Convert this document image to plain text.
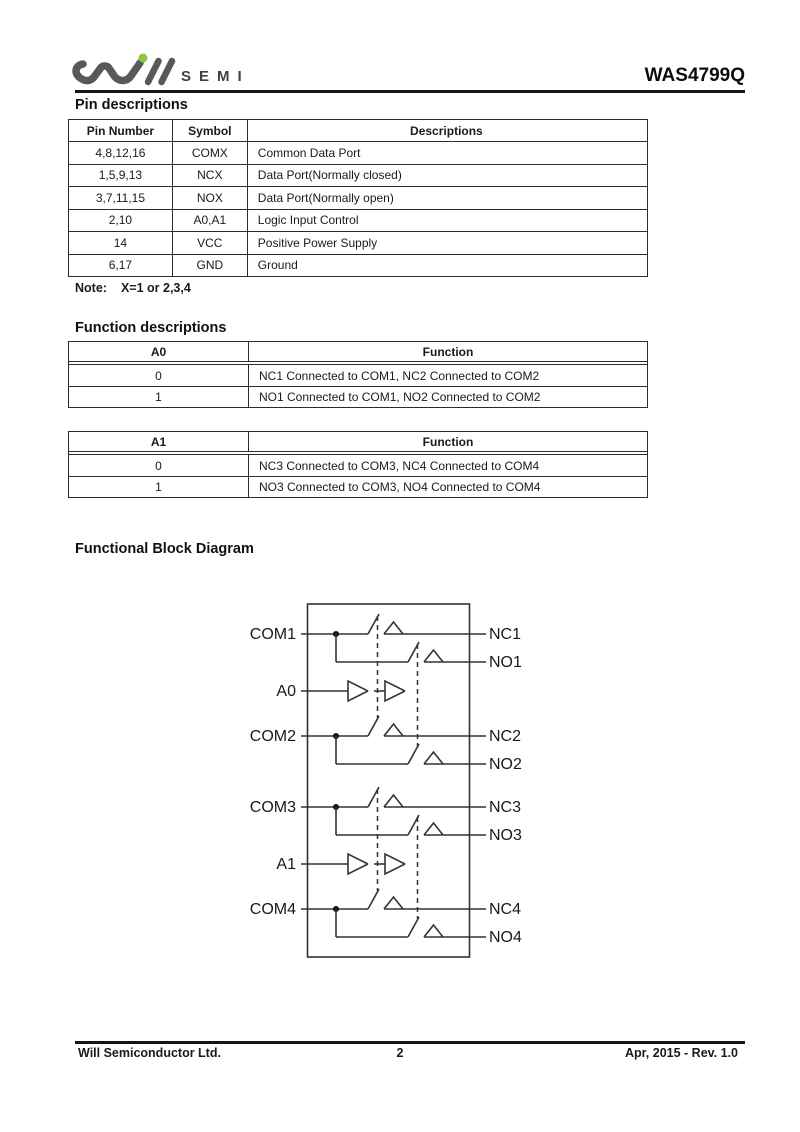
SEMI	WAS4799Q
Pin descriptions
Pin Number	Symbol	Descriptions
4,8,12,16	COMX	Common Data Port
1,5,9,13	NCX	Data Port(Normally closed)
3,7,11,15	NOX	Data Port(Normally open)
2,10	A0,A1	Logic Input Control
14	VCC	Positive Power Supply
6,17	GND	Ground
Note: X=1 or 2,3,4
Function descriptions
A0	Function
0	NC1 Connected to COM1, NC2 Connected to COM2
1	NO1 Connected to COM1, NO2 Connected to COM2
A1	Function
0	NC3 Connected to COM3, NC4 Connected to COM4
1	NO3 Connected to COM3, NO4 Connected to COM4
Functional Block Diagram
COM1
A0
COM2
COM3
A1
COM4
NC1
NO1
NC2
NO2
NC3
NO3
NC4
NO4
Will Semiconductor Ltd.	2	Apr, 2015 - Rev. 1.0
